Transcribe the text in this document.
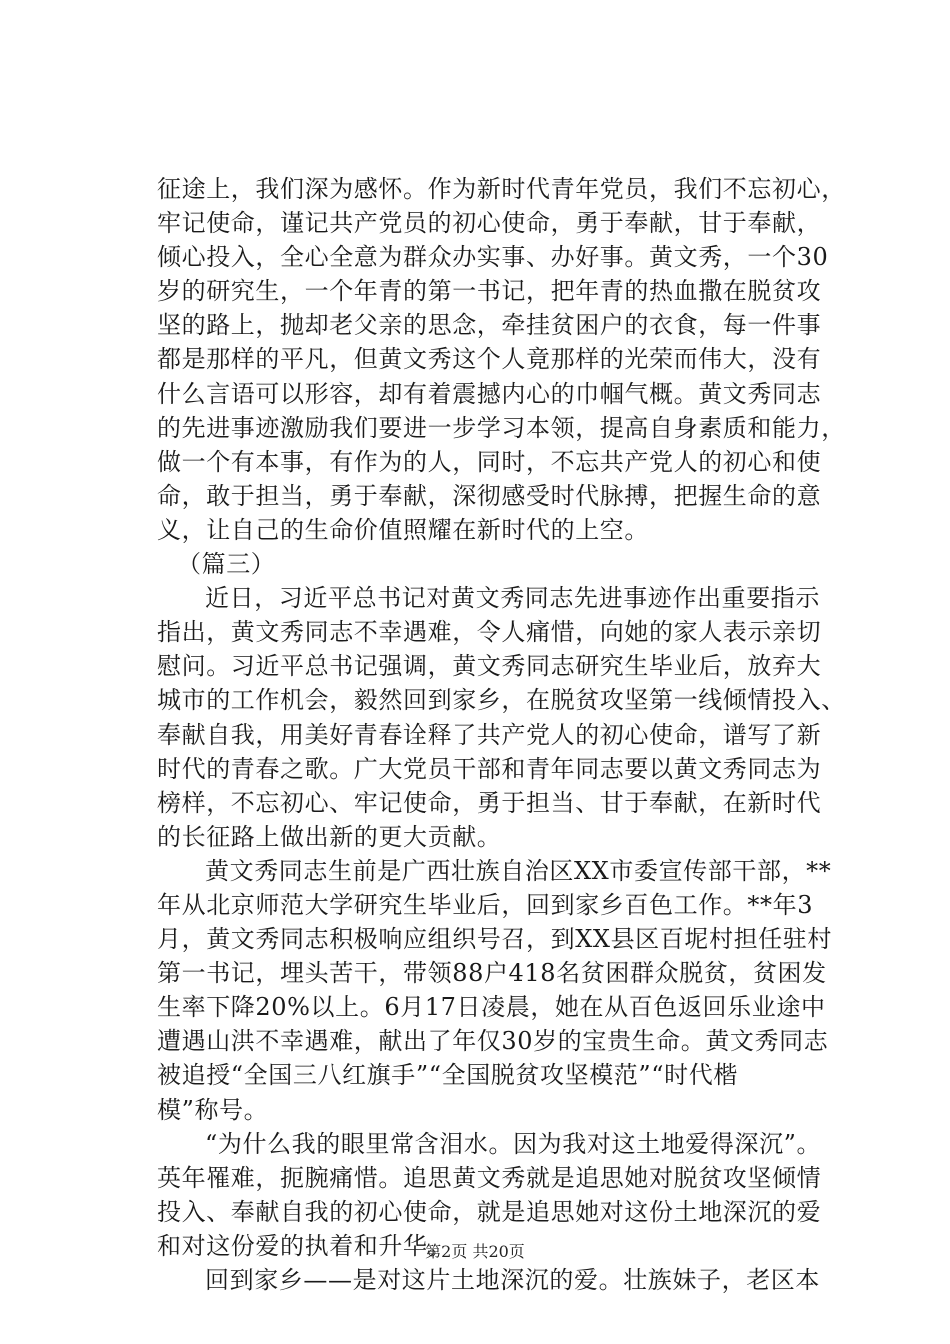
征途上，我们深为感怀。作为新时代青年党员，我们不忘初心，
牢记使命，谨记共产党员的初心使命，勇于奉献，甘于奉献，
倾心投入，全心全意为群众办实事、办好事。黄文秀，一个30
岁的研究生，一个年青的第一书记，把年青的热血撒在脱贫攻
坚的路上，抛却老父亲的思念，牵挂贫困户的衣食，每一件事
都是那样的平凡，但黄文秀这个人竟那样的光荣而伟大，没有
什么言语可以形容，却有着震撼内心的巾帼气概。黄文秀同志
的先进事迹激励我们要进一步学习本领，提高自身素质和能力，
做一个有本事，有作为的人，同时，不忘共产党人的初心和使
命，敢于担当，勇于奉献，深彻感受时代脉搏，把握生命的意
义，让自己的生命价值照耀在新时代的上空。
（篇三）
近日，习近平总书记对黄文秀同志先进事迹作出重要指示
指出，黄文秀同志不幸遇难，令人痛惜，向她的家人表示亲切
慰问。习近平总书记强调，黄文秀同志研究生毕业后，放弃大
城市的工作机会，毅然回到家乡，在脱贫攻坚第一线倾情投入、
奉献自我，用美好青春诠释了共产党人的初心使命，谱写了新
时代的青春之歌。广大党员干部和青年同志要以黄文秀同志为
榜样，不忘初心、牢记使命，勇于担当、甘于奉献，在新时代
的长征路上做出新的更大贡献。
黄文秀同志生前是广西壮族自治区XX市委宣传部干部，**
年从北京师范大学研究生毕业后，回到家乡百色工作。**年3
月，黄文秀同志积极响应组织号召，到XX县区百坭村担任驻村
第一书记，埋头苦干，带领88户418名贫困群众脱贫，贫困发
生率下降20%以上。6月17日凌晨，她在从百色返回乐业途中
遭遇山洪不幸遇难，献出了年仅30岁的宝贵生命。黄文秀同志
被追授“全国三八红旗手”“全国脱贫攻坚模范”“时代楷
模”称号。
“为什么我的眼里常含泪水。因为我对这土地爱得深沉”。
英年罹难，扼腕痛惜。追思黄文秀就是追思她对脱贫攻坚倾情
投入、奉献自我的初心使命，就是追思她对这份土地深沉的爱
和对这份爱的执着和升华。
回到家乡——是对这片土地深沉的爱。壮族妹子，老区本
第2页 共20页
